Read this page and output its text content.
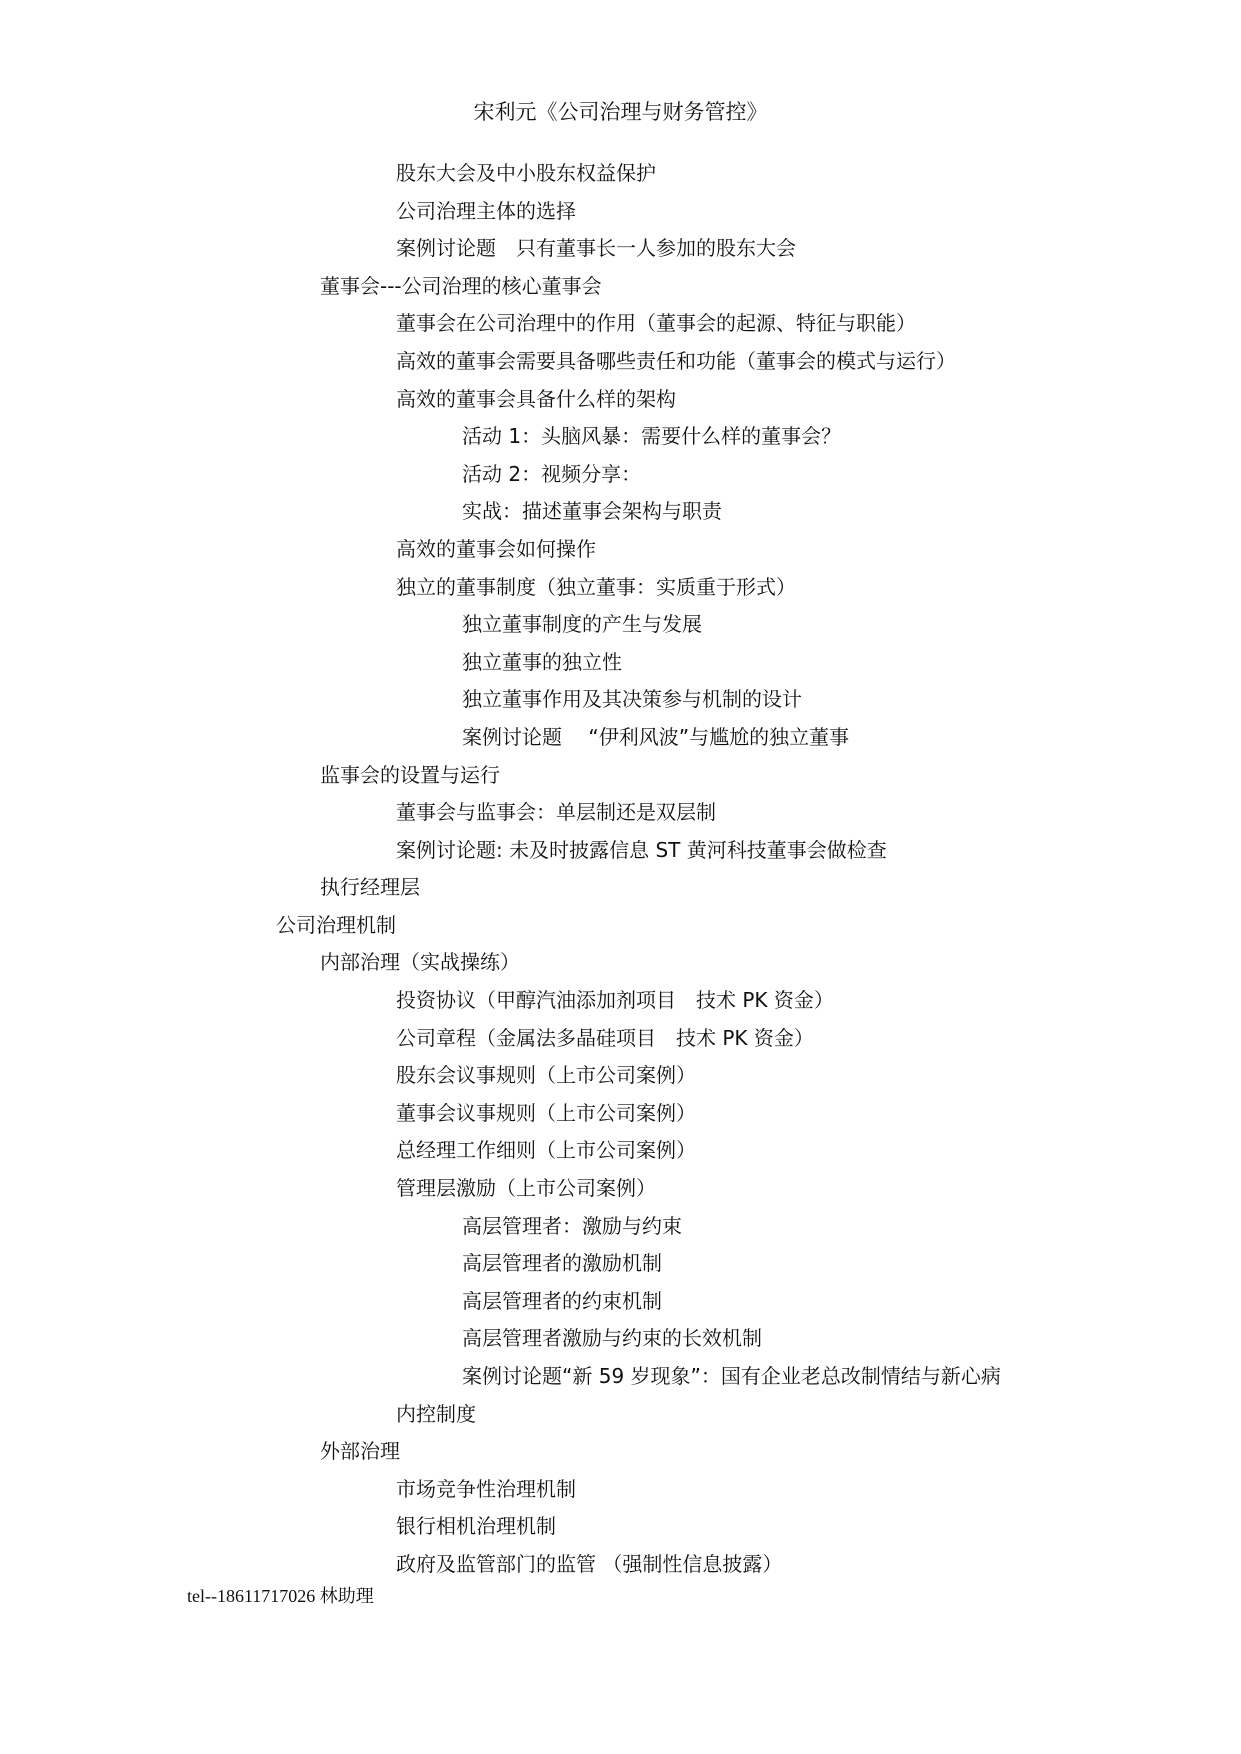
宋利元《公司治理与财务管控》
股东大会及中小股东权益保护
公司治理主体的选择
案例讨论题　只有董事长一人参加的股东大会
董事会---公司治理的核心董事会
董事会在公司治理中的作用（董事会的起源、特征与职能）
高效的董事会需要具备哪些责任和功能（董事会的模式与运行）
高效的董事会具备什么样的架构
活动 1：头脑风暴：需要什么样的董事会？
活动 2：视频分享：
实战：描述董事会架构与职责
高效的董事会如何操作
独立的董事制度（独立董事：实质重于形式）
独立董事制度的产生与发展
独立董事的独立性
独立董事作用及其决策参与机制的设计
案例讨论题　 “伊利风波”与尴尬的独立董事
监事会的设置与运行
董事会与监事会：单层制还是双层制
案例讨论题: 未及时披露信息 ST 黄河科技董事会做检查
执行经理层
公司治理机制
内部治理（实战操练）
投资协议（甲醇汽油添加剂项目　技术 PK 资金）
公司章程（金属法多晶硅项目　技术 PK 资金）
股东会议事规则（上市公司案例）
董事会议事规则（上市公司案例）
总经理工作细则（上市公司案例）
管理层激励（上市公司案例）
高层管理者：激励与约束
高层管理者的激励机制
高层管理者的约束机制
高层管理者激励与约束的长效机制
案例讨论题“新 59 岁现象”：国有企业老总改制情结与新心病
内控制度
外部治理
市场竞争性治理机制
银行相机治理机制
政府及监管部门的监管 （强制性信息披露）
tel--18611717026 林助理
